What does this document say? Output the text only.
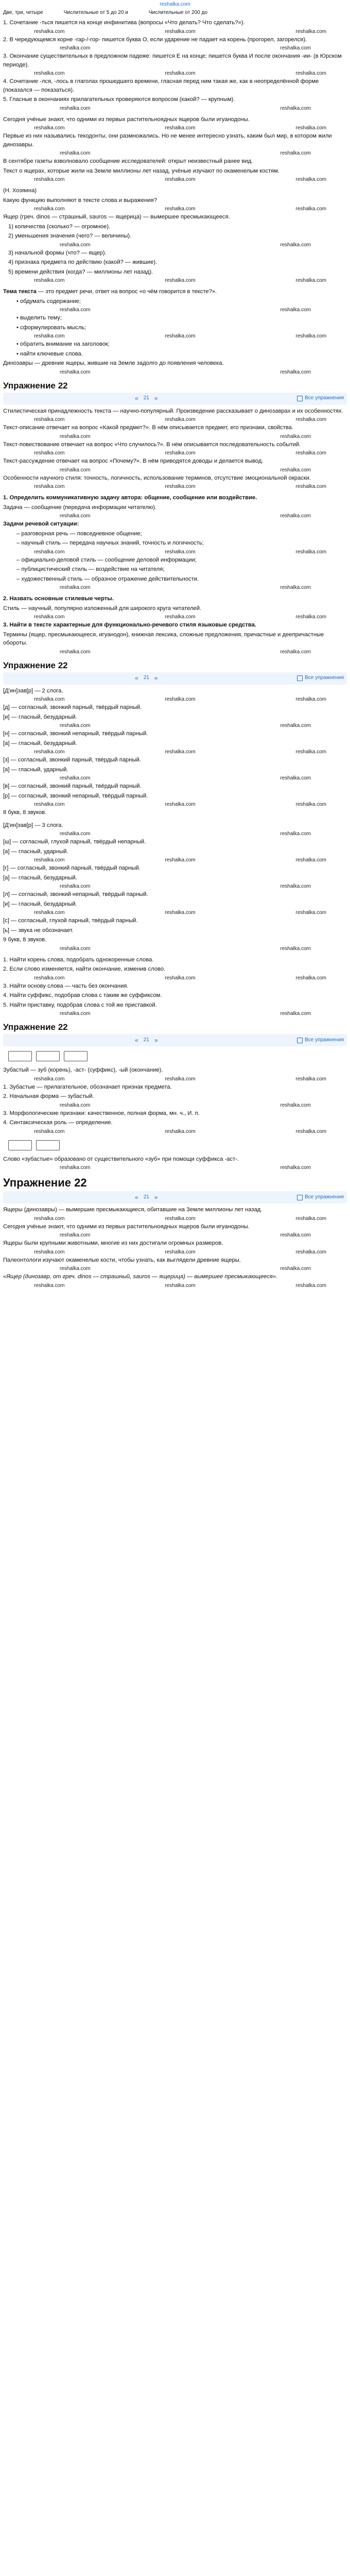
reshalka.com
Две, три, четыре	Числительные от 5 до 20 и	Числительные от 200 до

1. Сочетание -ться пишется на конце инфинитива (вопросы «Что делать? Что сделать?»).

reshalka.com	reshalka.com	reshalka.com

2. В чередующемся корне -гар-/-гор- пишется буква О, если ударение не падает на корень (прогорел, загорелся).

reshalka.com	reshalka.com

3. Окончание существительных в предложном падеже: пишется Е на конце; пишется буква И после окончания -ии- (в Юрском периоде).

reshalka.com	reshalka.com	reshalka.com

4. Сочетание -лся, -лось в глаголах прошедшего времени, гласная перед ним такая же, как в неопределённой форме (показался — показаться).

5. Гласные в окончаниях прилагательных проверяются вопросом (какой? — крупным).

reshalka.com	reshalka.com

Сегодня учёные знают, что одними из первых растительноядных ящеров были игуанодоны.

reshalka.com	reshalka.com	reshalka.com

Первые из них назывались текодонты, они размножались. Но не менее интересно узнать, каким был мир, в котором жили динозавры.

reshalka.com	reshalka.com

В сентябре газеты взволновало сообщение исследователей: открыт неизвестный ранее вид.

Текст о ящерах, которые жили на Земле миллионы лет назад, учёные изучают по окаменелым костям.

reshalka.com	reshalka.com	reshalka.com

(Н. Хозяина)

Какую функцию выполняют в тексте слова и выражения?

reshalka.com	reshalka.com	reshalka.com

Ящер (греч. dinos — страшный, sauros — ящерица) — вымершее пресмыкающееся.

1) количества (сколько? — огромное).

2) уменьшения значения (чего? — величины).

reshalka.com	reshalka.com

3) начальной формы (что? — ящер).

4) признака предмета по действию (какой? — жившие).

5) времени действия (когда? — миллионы лет назад).

reshalka.com	reshalka.com	reshalka.com

Тема текста — это предмет речи, ответ на вопрос «о чём говорится в тексте?».

• обдумать содержание;

reshalka.com	reshalka.com

• выделить тему;

• сформулировать мысль;

reshalka.com	reshalka.com	reshalka.com

• обратить внимание на заголовок;

• найти ключевые слова.

Динозавры — древние ящеры, жившие на Земле задолго до появления человека.

reshalka.com	reshalka.com
Упражнение 22
« 21 »	Все упражнения

Стилистическая принадлежность текста — научно-популярный. Произведение рассказывает о динозаврах и их особенностях.

reshalka.com	reshalka.com	reshalka.com

Текст-описание отвечает на вопрос «Какой предмет?». В нём описывается предмет, его признаки, свойства.

reshalka.com	reshalka.com

Текст-повествование отвечает на вопрос «Что случилось?». В нём описывается последовательность событий.

reshalka.com	reshalka.com	reshalka.com

Текст-рассуждение отвечает на вопрос «Почему?». В нём приводятся доводы и делается вывод.

reshalka.com	reshalka.com

Особенности научного стиля: точность, логичность, использование терминов, отсутствие эмоциональной окраски.

reshalka.com	reshalka.com	reshalka.com

1. Определить коммуникативную задачу автора: общение, сообщение или воздействие.

Задача — сообщение (передача информации читателю).

reshalka.com	reshalka.com

Задачи речевой ситуации:

– разговорная речь — повседневное общение;

– научный стиль — передача научных знаний, точность и логичность;

reshalka.com	reshalka.com	reshalka.com

– официально-деловой стиль — сообщение деловой информации;

– публицистический стиль — воздействие на читателя;

– художественный стиль — образное отражение действительности.

reshalka.com	reshalka.com

2. Назвать основные стилевые черты.

Стиль — научный, популярно изложенный для широкого круга читателей.

reshalka.com	reshalka.com	reshalka.com

3. Найти в тексте характерные для функционально-речевого стиля языковые средства.

Термины (ящер, пресмыкающееся, игуанодон), книжная лексика, сложные предложения, причастные и деепричастные обороты.

reshalka.com	reshalka.com
Упражнение 22
« 21 »	Все упражнения

[Д'ин]зав[р] — 2 слога.

reshalka.com	reshalka.com	reshalka.com

[д] — согласный, звонкий парный, твёрдый парный.

[и] — гласный, безударный.

reshalka.com	reshalka.com

[н] — согласный, звонкий непарный, твёрдый парный.

[а] — гласный, безударный.

reshalka.com	reshalka.com	reshalka.com

[з] — согласный, звонкий парный, твёрдый парный.

[а] — гласный, ударный.

reshalka.com	reshalka.com

[в] — согласный, звонкий парный, твёрдый парный.

[р] — согласный, звонкий непарный, твёрдый парный.

reshalka.com	reshalka.com	reshalka.com

8 букв, 8 звуков.

[Д'ин]зав[р] — 3 слога.

reshalka.com	reshalka.com

[ш] — согласный, глухой парный, твёрдый непарный.

[а] — гласный, ударный.

reshalka.com	reshalka.com	reshalka.com

[г] — согласный, звонкий парный, твёрдый парный.

[а] — гласный, безударный.

reshalka.com	reshalka.com

[л] — согласный, звонкий непарный, твёрдый парный.

[и] — гласный, безударный.

reshalka.com	reshalka.com	reshalka.com

[с] — согласный, глухой парный, твёрдый парный.

[ь] — звука не обозначает.

9 букв, 8 звуков.

reshalka.com	reshalka.com

1. Найти корень слова, подобрать однокоренные слова.

2. Если слово изменяется, найти окончание, изменив слово.

reshalka.com	reshalka.com	reshalka.com

3. Найти основу слова — часть без окончания.

4. Найти суффикс, подобрав слова с таким же суффиксом.

5. Найти приставку, подобрав слова с той же приставкой.

reshalka.com	reshalka.com
Упражнение 22
« 21 »	Все упражнения

Зубастый — зуб (корень), -аст- (суффикс), -ый (окончание).

reshalka.com	reshalka.com	reshalka.com

1. Зубастые — прилагательное, обозначает признак предмета.

2. Начальная форма — зубастый.

reshalka.com	reshalka.com

3. Морфологические признаки: качественное, полная форма, мн. ч., И. п.

4. Синтаксическая роль — определение.

reshalka.com	reshalka.com	reshalka.com

Слово «зубастые» образовано от существительного «зуб» при помощи суффикса -аст-.

reshalka.com	reshalka.com
Упражнение 22
« 21 »	Все упражнения

Ящеры (динозавры) — вымершие пресмыкающиеся, обитавшие на Земле миллионы лет назад.

reshalka.com	reshalka.com	reshalka.com

Сегодня учёные знают, что одними из первых растительноядных ящеров были игуанодоны.

reshalka.com	reshalka.com

Ящеры были крупными животными, многие из них достигали огромных размеров.

reshalka.com	reshalka.com	reshalka.com

Палеонтологи изучают окаменелые кости, чтобы узнать, как выглядели древние ящеры.

reshalka.com	reshalka.com

«Ящер (динозавр, от греч. dinos — страшный, sauros — ящерица) — вымершее пресмыкающееся».

reshalka.com	reshalka.com	reshalka.com
